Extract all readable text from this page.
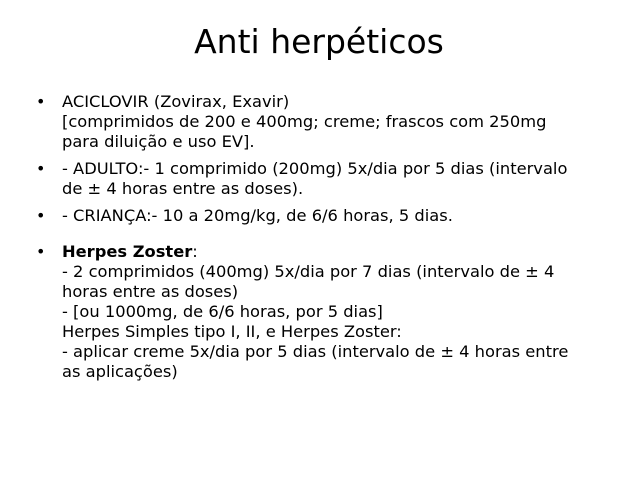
Anti herpéticos
• ACICLOVIR (Zovirax, Exavir)
[comprimidos de 200 e 400mg; creme; frascos com 250mg
para diluição e uso EV].
• - ADULTO:- 1 comprimido (200mg) 5x/dia por 5 dias (intervalo
de ± 4 horas entre as doses).
• - CRIANÇA:- 10 a 20mg/kg, de 6/6 horas, 5 dias.
• Herpes Zoster:
- 2 comprimidos (400mg) 5x/dia por 7 dias (intervalo de ± 4
horas entre as doses)
- [ou 1000mg, de 6/6 horas, por 5 dias]
Herpes Simples tipo I, II, e Herpes Zoster:
- aplicar creme 5x/dia por 5 dias (intervalo de ± 4 horas entre
as aplicações)
